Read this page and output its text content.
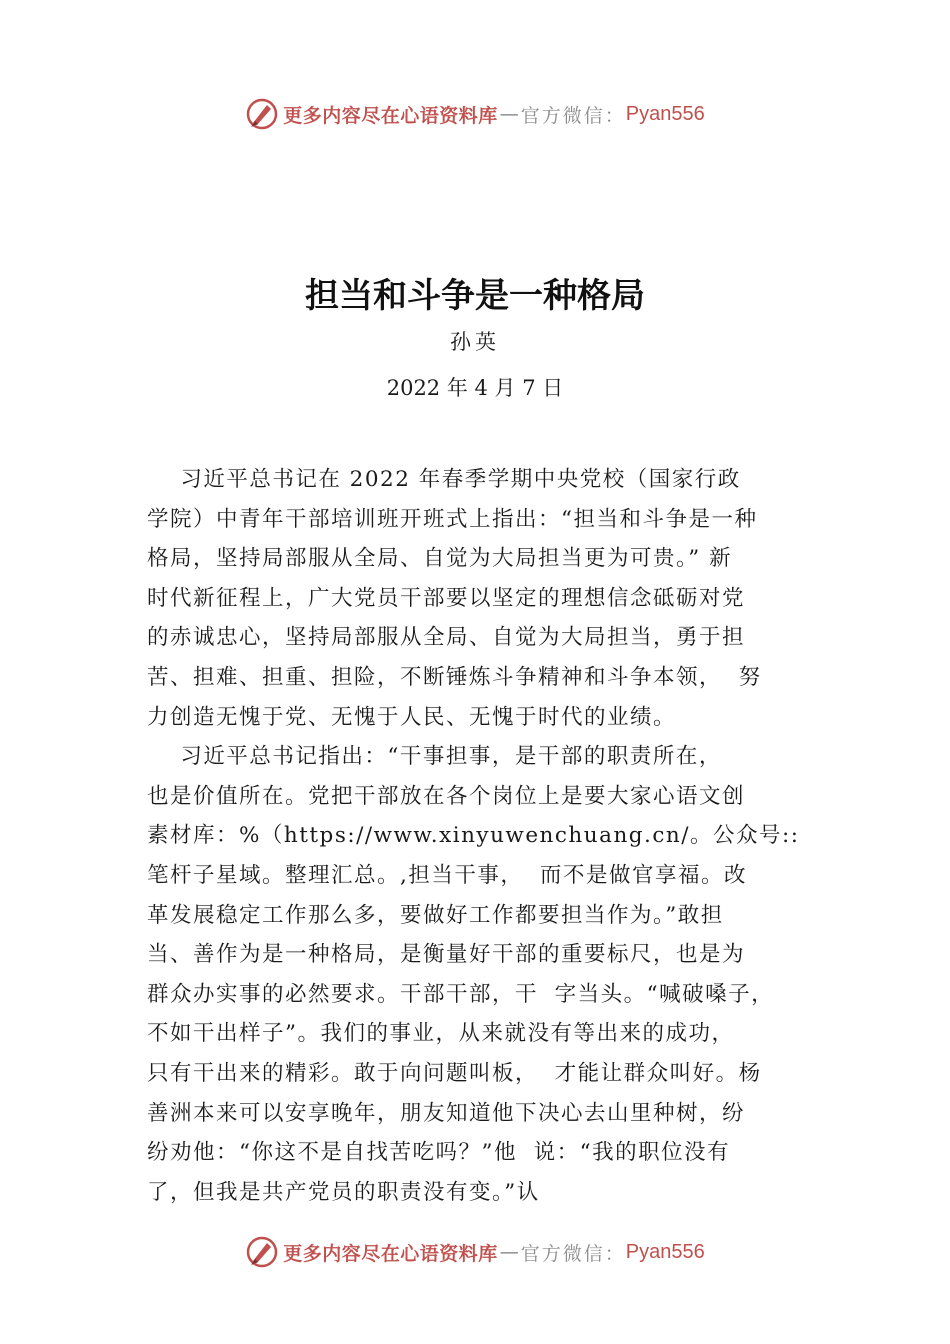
更多内容尽在心语资料库 — 官方微信： Pyan556
担当和斗争是一种格局
孙英
2022 年 4 月 7 日
习近平总书记在 2022 年春季学期中央党校（国家行政
学院）中青年干部培训班开班式上指出：“担当和斗争是一种
格局，坚持局部服从全局、自觉为大局担当更为可贵。” 新
时代新征程上，广大党员干部要以坚定的理想信念砥砺对党
的赤诚忠心，坚持局部服从全局、自觉为大局担当，勇于担
苦、担难、担重、担险，不断锤炼斗争精神和斗争本领，  努
力创造无愧于党、无愧于人民、无愧于时代的业绩。
习近平总书记指出：“干事担事，是干部的职责所在，
也是价值所在。党把干部放在各个岗位上是要大家心语文创
素材库：%（https://www.xinyuwenchuang.cn/。公众号::
笔杆子星域。整理汇总。,担当干事，  而不是做官享福。改
革发展稳定工作那么多，要做好工作都要担当作为。”敢担
当、善作为是一种格局，是衡量好干部的重要标尺，也是为
群众办实事的必然要求。干部干部，干  字当头。“喊破嗓子，
不如干出样子”。我们的事业，从来就没有等出来的成功，
只有干出来的精彩。敢于向问题叫板，  才能让群众叫好。杨
善洲本来可以安享晚年，朋友知道他下决心去山里种树，纷
纷劝他：“你这不是自找苦吃吗？”他  说：“我的职位没有
了，但我是共产党员的职责没有变。”认
更多内容尽在心语资料库 — 官方微信： Pyan556
